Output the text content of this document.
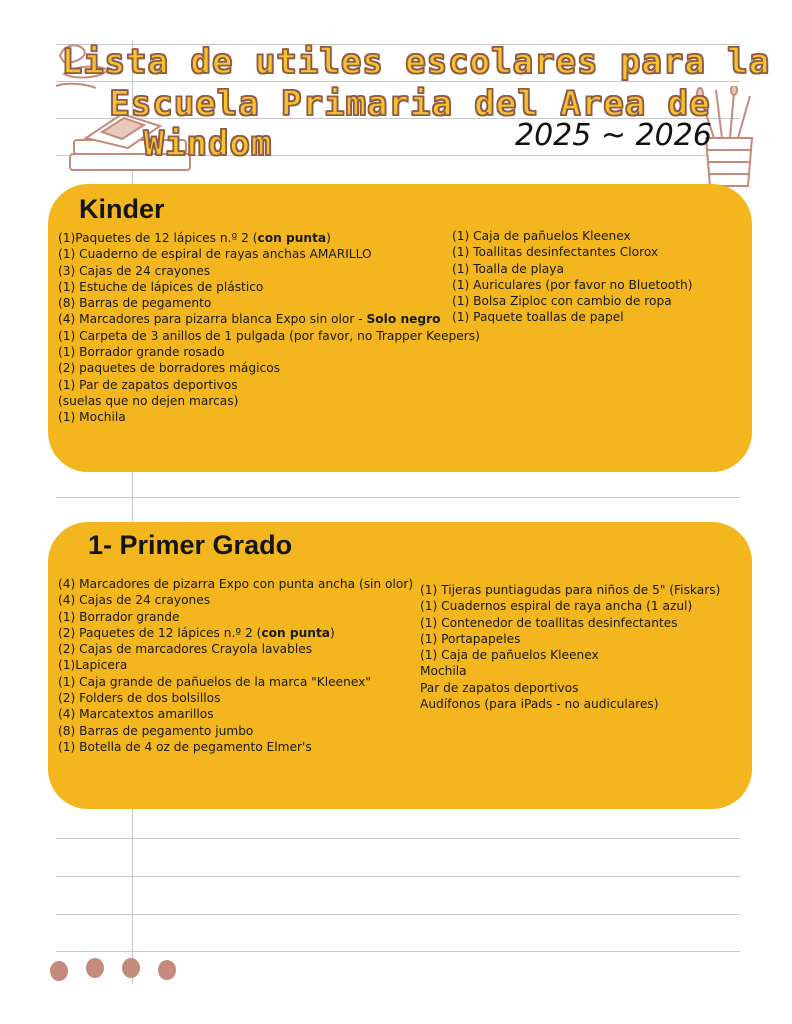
Lista de utiles escolares para la
Escuela Primaria del Area de
Windom	2025 ~ 2026
Kinder
(1)Paquetes de 12 lápices n.º 2 (con punta)
(1) Cuaderno de espiral de rayas anchas AMARILLO
(3) Cajas de 24 crayones
(1) Estuche de lápices de plástico
(8) Barras de pegamento
(4) Marcadores para pizarra blanca Expo sin olor - Solo negro
(1) Carpeta de 3 anillos de 1 pulgada (por favor, no Trapper Keepers)
(1) Borrador grande rosado
(2) paquetes de borradores mágicos
(1) Par de zapatos deportivos
(suelas que no dejen marcas)
(1) Mochila
(1) Caja de pañuelos Kleenex
(1) Toallitas desinfectantes Clorox
(1) Toalla de playa
(1) Auriculares (por favor no Bluetooth)
(1) Bolsa Ziploc con cambio de ropa
(1) Paquete toallas de papel
1- Primer Grado
(4) Marcadores de pizarra Expo con punta ancha (sin olor)
(4) Cajas de 24 crayones
(1) Borrador grande
(2) Paquetes de 12 lápices n.º 2 (con punta)
(2) Cajas de marcadores Crayola lavables
(1)Lapicera
(1) Caja grande de pañuelos de la marca "Kleenex"
(2) Folders de dos bolsillos
(4) Marcatextos amarillos
(8) Barras de pegamento jumbo
(1) Botella de 4 oz de pegamento Elmer's
(1) Tijeras puntiagudas para niños de 5" (Fiskars)
(1) Cuadernos espiral de raya ancha (1 azul)
(1) Contenedor de toallitas desinfectantes
(1) Portapapeles
(1) Caja de pañuelos Kleenex
Mochila
Par de zapatos deportivos
Audífonos (para iPads - no audiculares)
